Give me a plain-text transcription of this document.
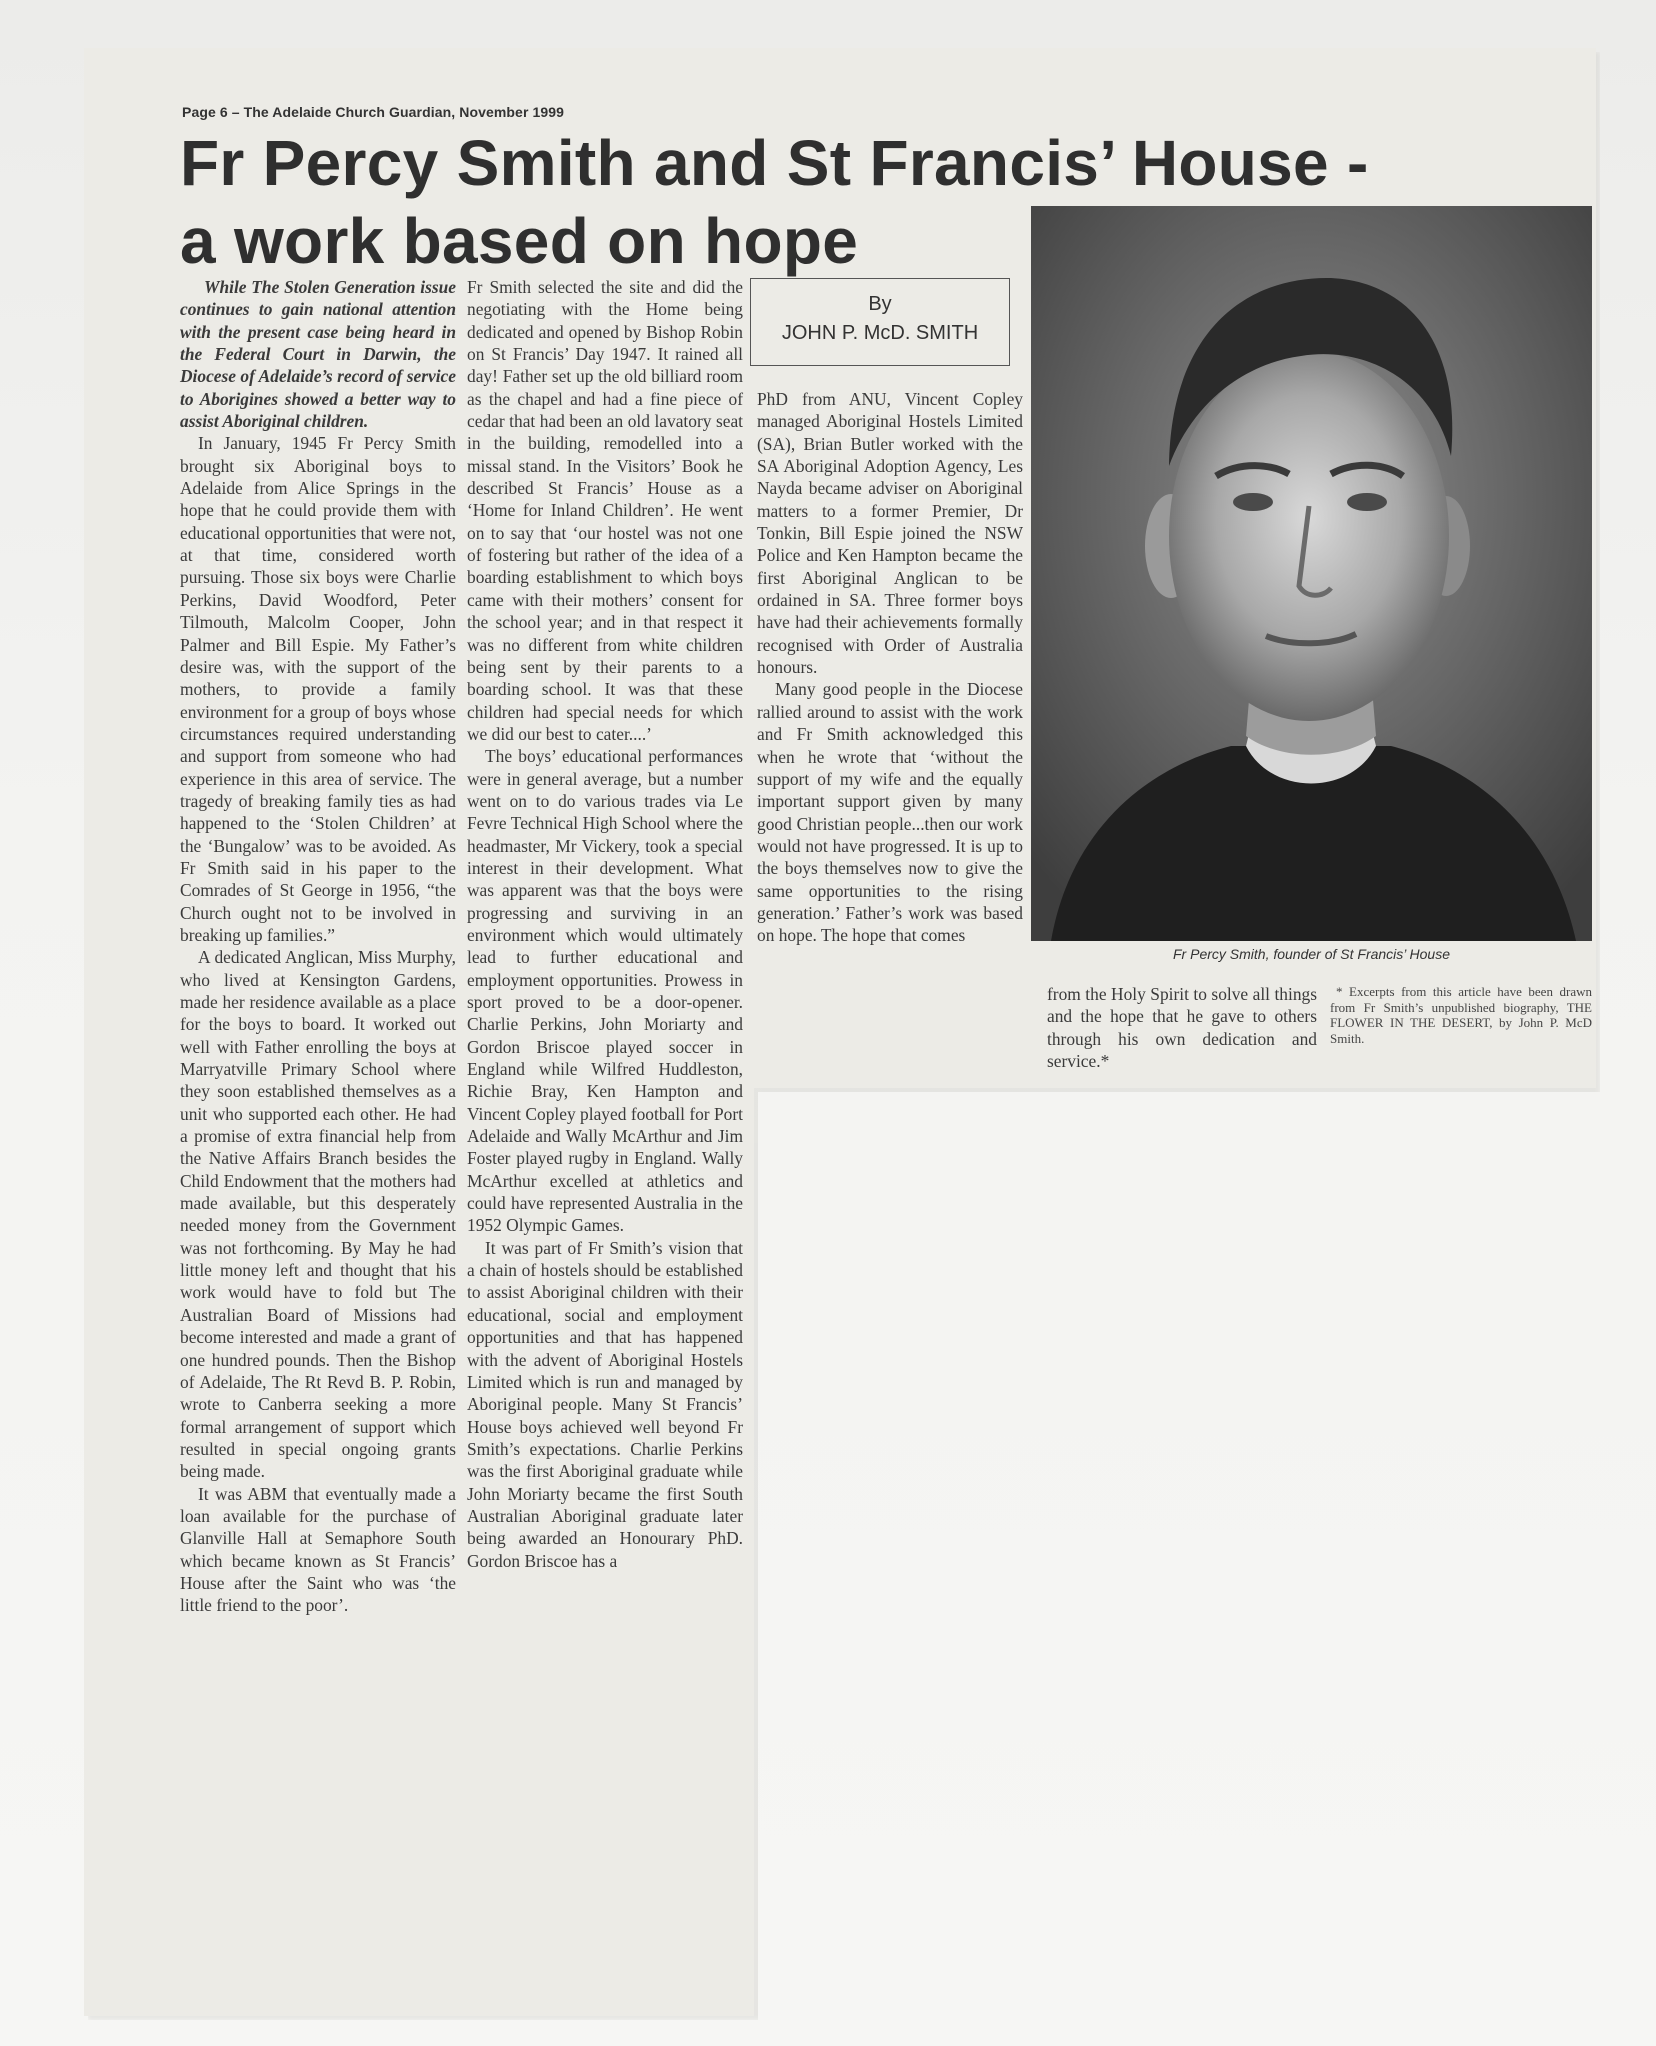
Page 6 – The Adelaide Church Guardian, November 1999
Fr Percy Smith and St Francis’ House -
a work based on hope

While The Stolen Generation issue continues to gain national attention with the present case being heard in the Federal Court in Darwin, the Diocese of Adelaide’s record of service to Aborigines showed a better way to assist Aboriginal children.

In January, 1945 Fr Percy Smith brought six Aboriginal boys to Adelaide from Alice Springs in the hope that he could provide them with educational opportunities that were not, at that time, considered worth pursuing. Those six boys were Charlie Perkins, David Woodford, Peter Tilmouth, Malcolm Cooper, John Palmer and Bill Espie. My Father’s desire was, with the support of the mothers, to provide a family environment for a group of boys whose circumstances required understanding and support from someone who had experience in this area of service. The tragedy of breaking family ties as had happened to the ‘Stolen Children’ at the ‘Bungalow’ was to be avoided. As Fr Smith said in his paper to the Comrades of St George in 1956, “the Church ought not to be involved in breaking up families.”

A dedicated Anglican, Miss Murphy, who lived at Kensington Gardens, made her residence available as a place for the boys to board. It worked out well with Father enrolling the boys at Marryatville Primary School where they soon established themselves as a unit who supported each other. He had a promise of extra financial help from the Native Affairs Branch besides the Child Endowment that the mothers had made available, but this desperately needed money from the Government was not forthcoming. By May he had little money left and thought that his work would have to fold but The Australian Board of Missions had become interested and made a grant of one hundred pounds. Then the Bishop of Adelaide, The Rt Revd B. P. Robin, wrote to Canberra seeking a more formal arrangement of support which resulted in special ongoing grants being made.

It was ABM that eventually made a loan available for the purchase of Glanville Hall at Semaphore South which became known as St Francis’ House after the Saint who was ‘the little friend to the poor’.

Fr Smith selected the site and did the negotiating with the Home being dedicated and opened by Bishop Robin on St Francis’ Day 1947. It rained all day! Father set up the old billiard room as the chapel and had a fine piece of cedar that had been an old lavatory seat in the building, remodelled into a missal stand. In the Visitors’ Book he described St Francis’ House as a ‘Home for Inland Children’. He went on to say that ‘our hostel was not one of fostering but rather of the idea of a boarding establishment to which boys came with their mothers’ consent for the school year; and in that respect it was no different from white children being sent by their parents to a boarding school. It was that these children had special needs for which we did our best to cater....’

The boys’ educational performances were in general average, but a number went on to do various trades via Le Fevre Technical High School where the headmaster, Mr Vickery, took a special interest in their development. What was apparent was that the boys were progressing and surviving in an environment which would ultimately lead to further educational and employment opportunities. Prowess in sport proved to be a door-opener. Charlie Perkins, John Moriarty and Gordon Briscoe played soccer in England while Wilfred Huddleston, Richie Bray, Ken Hampton and Vincent Copley played football for Port Adelaide and Wally McArthur and Jim Foster played rugby in England. Wally McArthur excelled at athletics and could have represented Australia in the 1952 Olympic Games.

It was part of Fr Smith’s vision that a chain of hostels should be established to assist Aboriginal children with their educational, social and employment opportunities and that has happened with the advent of Aboriginal Hostels Limited which is run and managed by Aboriginal people. Many St Francis’ House boys achieved well beyond Fr Smith’s expectations. Charlie Perkins was the first Aboriginal graduate while John Moriarty became the first South Australian Aboriginal graduate later being awarded an Honourary PhD. Gordon Briscoe has a

By
JOHN P. McD. SMITH

PhD from ANU, Vincent Copley managed Aboriginal Hostels Limited (SA), Brian Butler worked with the SA Aboriginal Adoption Agency, Les Nayda became adviser on Aboriginal matters to a former Premier, Dr Tonkin, Bill Espie joined the NSW Police and Ken Hampton became the first Aboriginal Anglican to be ordained in SA. Three former boys have had their achievements formally recognised with Order of Australia honours.

Many good people in the Diocese rallied around to assist with the work and Fr Smith acknowledged this when he wrote that ‘without the support of my wife and the equally important support given by many good Christian people...then our work would not have progressed. It is up to the boys themselves now to give the same opportunities to the rising generation.’ Father’s work was based on hope. The hope that comes

from the Holy Spirit to solve all things and the hope that he gave to others through his own dedication and service.*

Fr Percy Smith, founder of St Francis’ House

* Excerpts from this article have been drawn from Fr Smith’s unpublished biography, THE FLOWER IN THE DESERT, by John P. McD Smith.
